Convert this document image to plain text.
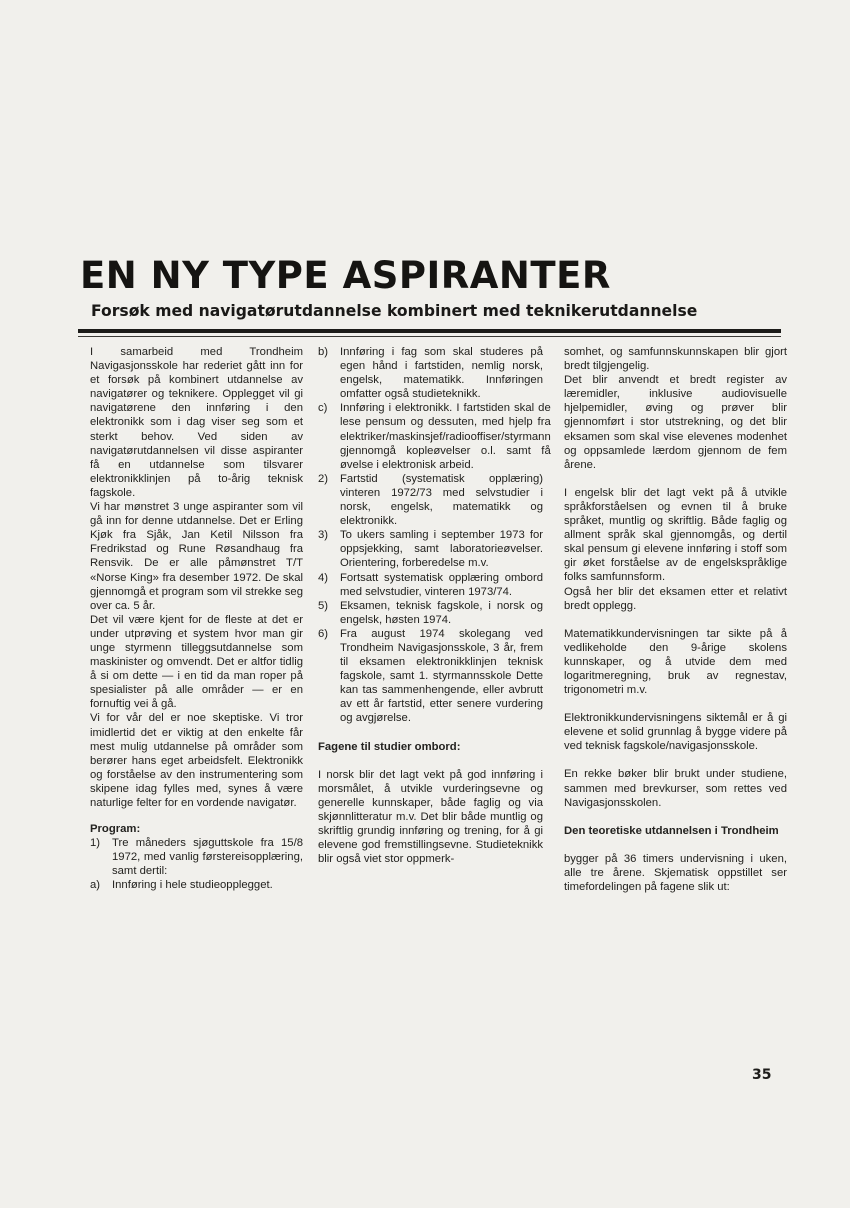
EN NY TYPE ASPIRANTER
Forsøk med navigatørutdannelse kombinert med teknikerutdannelse

I samarbeid med Trondheim Navigasjonsskole har rederiet gått inn for et forsøk på kombinert utdannelse av navigatører og teknikere. Opplegget vil gi navigatørene den innføring i den elektronikk som i dag viser seg som et sterkt behov. Ved siden av navigatørutdannelsen vil disse aspiranter få en utdannelse som tilsvarer elektronikklinjen på to-årig teknisk fagskole.

Vi har mønstret 3 unge aspiranter som vil gå inn for denne utdannelse. Det er Erling Kjøk fra Sjåk, Jan Ketil Nilsson fra Fredrikstad og Rune Røsandhaug fra Rensvik. De er alle påmønstret T/T «Norse King» fra desember 1972. De skal gjennomgå et program som vil strekke seg over ca. 5 år.

Det vil være kjent for de fleste at det er under utprøving et system hvor man gir unge styrmenn tilleggsutdannelse som maskinister og omvendt. Det er altfor tidlig å si om dette — i en tid da man roper på spesialister på alle områder — er en fornuftig vei å gå.

Vi for vår del er noe skeptiske. Vi tror imidlertid det er viktig at den enkelte får mest mulig utdannelse på områder som berører hans eget arbeidsfelt. Elektronikk og forståelse av den instrumentering som skipene idag fylles med, synes å være naturlige felter for en vordende navigatør.

Program:
1)	Tre måneders sjøguttskole fra 15/8 1972, med vanlig førstereisopplæring, samt dertil:
a)	Innføring i hele studieopplegget.
b)	Innføring i fag som skal studeres på egen hånd i fartstiden, nemlig norsk, engelsk, matematikk. Innføringen omfatter også studieteknikk.
c)	Innføring i elektronikk. I fartstiden skal de lese pensum og dessuten, med hjelp fra elektriker/maskinsjef/radiooffiser/styrmann gjennomgå kopleøvelser o.l. samt få øvelse i elektronisk arbeid.
2)	Fartstid (systematisk opplæring) vinteren 1972/73 med selvstudier i norsk, engelsk, matematikk og elektronikk.
3)	To ukers samling i september 1973 for oppsjekking, samt laboratorieøvelser. Orientering, forberedelse m.v.
4)	Fortsatt systematisk opplæring ombord med selvstudier, vinteren 1973/74.
5)	Eksamen, teknisk fagskole, i norsk og engelsk, høsten 1974.
6)	Fra august 1974 skolegang ved Trondheim Navigasjonsskole, 3 år, frem til eksamen elektronikklinjen teknisk fagskole, samt 1. styrmannsskole Dette kan tas sammenhengende, eller avbrutt av ett år fartstid, etter senere vurdering og avgjørelse.
Fagene til studier ombord:

I norsk blir det lagt vekt på god innføring i morsmålet, å utvikle vurderingsevne og generelle kunnskaper, både faglig og via skjønnlitteratur m.v. Det blir både muntlig og skriftlig grundig innføring og trening, for å gi elevene god fremstillingsevne. Studieteknikk blir også viet stor oppmerk-

somhet, og samfunnskunnskapen blir gjort bredt tilgjengelig.

Det blir anvendt et bredt register av læremidler, inklusive audiovisuelle hjelpemidler, øving og prøver blir gjennomført i stor utstrekning, og det blir eksamen som skal vise elevenes modenhet og oppsamlede lærdom gjennom de fem årene.

I engelsk blir det lagt vekt på å utvikle språkforståelsen og evnen til å bruke språket, muntlig og skriftlig. Både faglig og allment språk skal gjennomgås, og dertil skal pensum gi elevene innføring i stoff som gir øket forståelse av de engelskspråklige folks samfunnsform.

Også her blir det eksamen etter et relativt bredt opplegg.

Matematikkundervisningen tar sikte på å vedlikeholde den 9-årige skolens kunnskaper, og å utvide dem med logaritmeregning, bruk av regnestav, trigonometri m.v.

Elektronikkundervisningens siktemål er å gi elevene et solid grunnlag å bygge videre på ved teknisk fagskole/navigasjonsskole.

En rekke bøker blir brukt under studiene, sammen med brevkurser, som rettes ved Navigasjonsskolen.

Den teoretiske utdannelsen i Trondheim

bygger på 36 timers undervisning i uken, alle tre årene. Skjematisk oppstillet ser timefordelingen på fagene slik ut:

35
